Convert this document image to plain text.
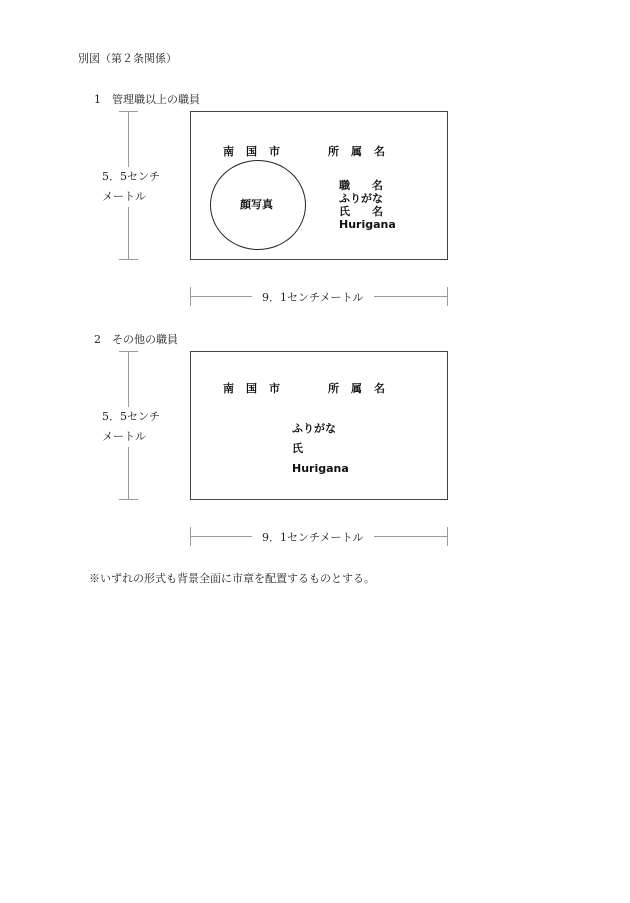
別図（第２条関係）
1　管理職以上の職員
5．5センチ
メートル
南国市	所属名
顔写真
職　　名
ふりがな
氏　　名
Hurigana
9．1センチメートル
2　その他の職員
5．5センチ
メートル
南国市	所属名
ふりがな
氏
Hurigana
9．1センチメートル
※いずれの形式も背景全面に市章を配置するものとする。
